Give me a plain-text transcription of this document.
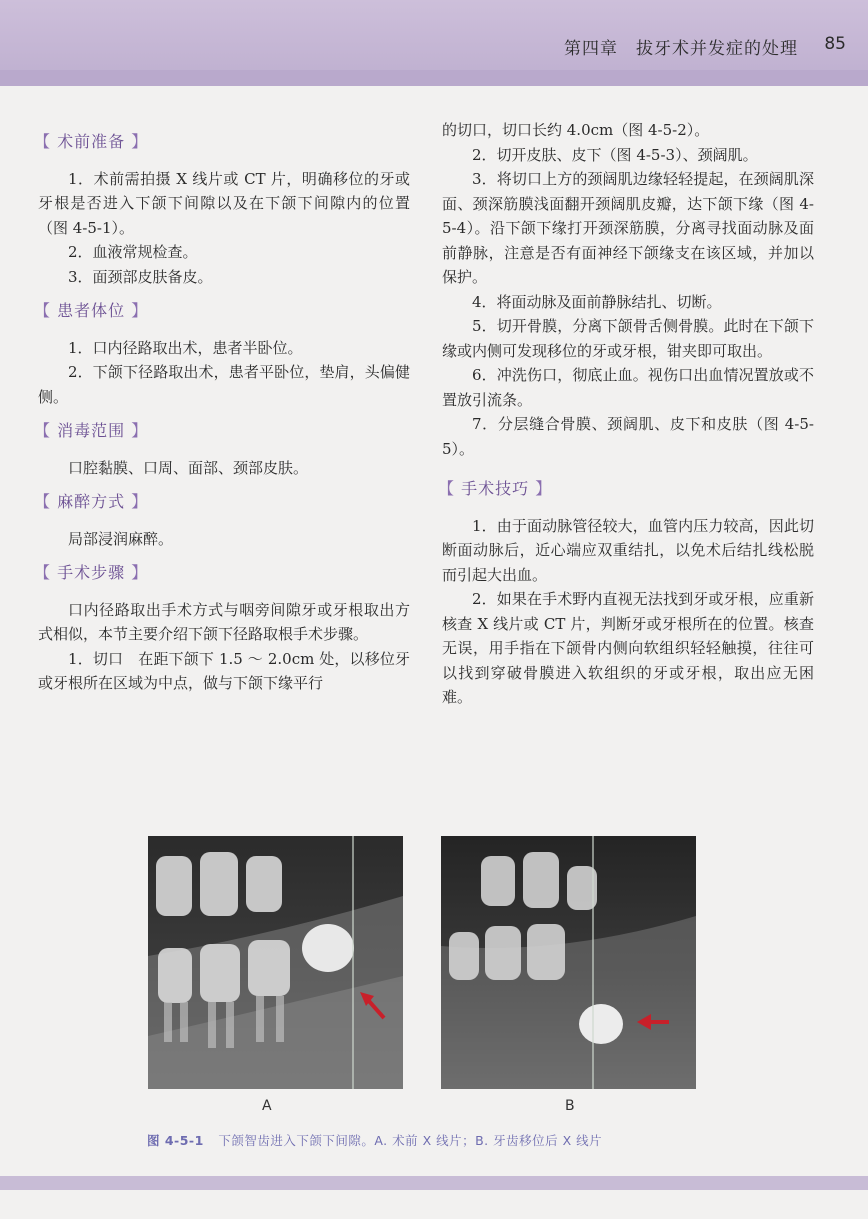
第四章　拔牙术并发症的处理 85
【 术前准备 】

1．术前需拍摄 X 线片或 CT 片，明确移位的牙或牙根是否进入下颌下间隙以及在下颌下间隙内的位置（图 4-5-1）。

2．血液常规检查。

3．面颈部皮肤备皮。

【 患者体位 】

1．口内径路取出术，患者半卧位。

2．下颌下径路取出术，患者平卧位，垫肩，头偏健侧。

【 消毒范围 】

口腔黏膜、口周、面部、颈部皮肤。

【 麻醉方式 】

局部浸润麻醉。

【 手术步骤 】

口内径路取出手术方式与咽旁间隙牙或牙根取出方式相似，本节主要介绍下颌下径路取根手术步骤。

1．切口　在距下颌下 1.5 ～ 2.0cm 处，以移位牙或牙根所在区域为中点，做与下颌下缘平行

的切口，切口长约 4.0cm（图 4-5-2）。

2．切开皮肤、皮下（图 4-5-3）、颈阔肌。

3．将切口上方的颈阔肌边缘轻轻提起，在颈阔肌深面、颈深筋膜浅面翻开颈阔肌皮瓣，达下颌下缘（图 4-5-4）。沿下颌下缘打开颈深筋膜，分离寻找面动脉及面前静脉，注意是否有面神经下颌缘支在该区域，并加以保护。

4．将面动脉及面前静脉结扎、切断。

5．切开骨膜，分离下颌骨舌侧骨膜。此时在下颌下缘或内侧可发现移位的牙或牙根，钳夹即可取出。

6．冲洗伤口，彻底止血。视伤口出血情况置放或不置放引流条。

7．分层缝合骨膜、颈阔肌、皮下和皮肤（图 4-5-5）。

【 手术技巧 】

1．由于面动脉管径较大，血管内压力较高，因此切断面动脉后，近心端应双重结扎，以免术后结扎线松脱而引起大出血。

2．如果在手术野内直视无法找到牙或牙根，应重新核查 X 线片或 CT 片，判断牙或牙根所在的位置。核查无误，用手指在下颌骨内侧向软组织轻轻触摸，往往可以找到穿破骨膜进入软组织的牙或牙根，取出应无困难。

A	B
图 4-5-1 下颌智齿进入下颌下间隙。A. 术前 X 线片；B. 牙齿移位后 X 线片
